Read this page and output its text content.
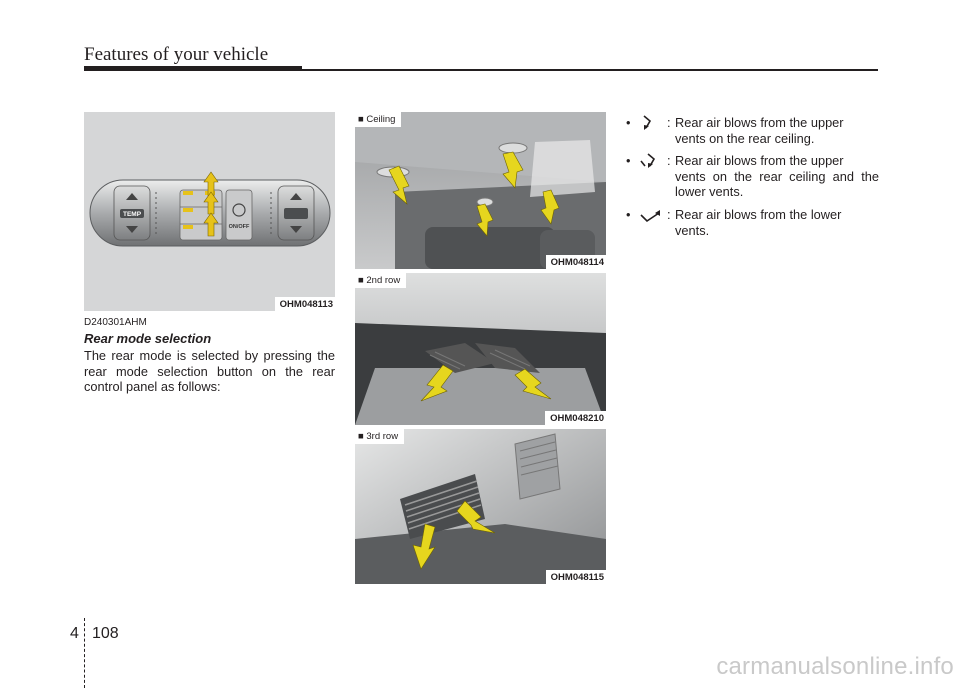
Features of your vehicle
TEMP
ON/OFF
OHM048113
D240301AHM
Rear mode selection
The rear mode is selected by pressing the rear mode selection button on the rear control panel as follows:
■ Ceiling
OHM048114
■ 2nd row
OHM048210
■ 3rd row
OHM048115
•	: Rear air blows from the upper
vents on the rear ceiling.
•	: Rear air blows from the upper
vents on the rear ceiling and the lower vents.
•	: Rear air blows from the lower
vents.
4 108
carmanualsonline.info
